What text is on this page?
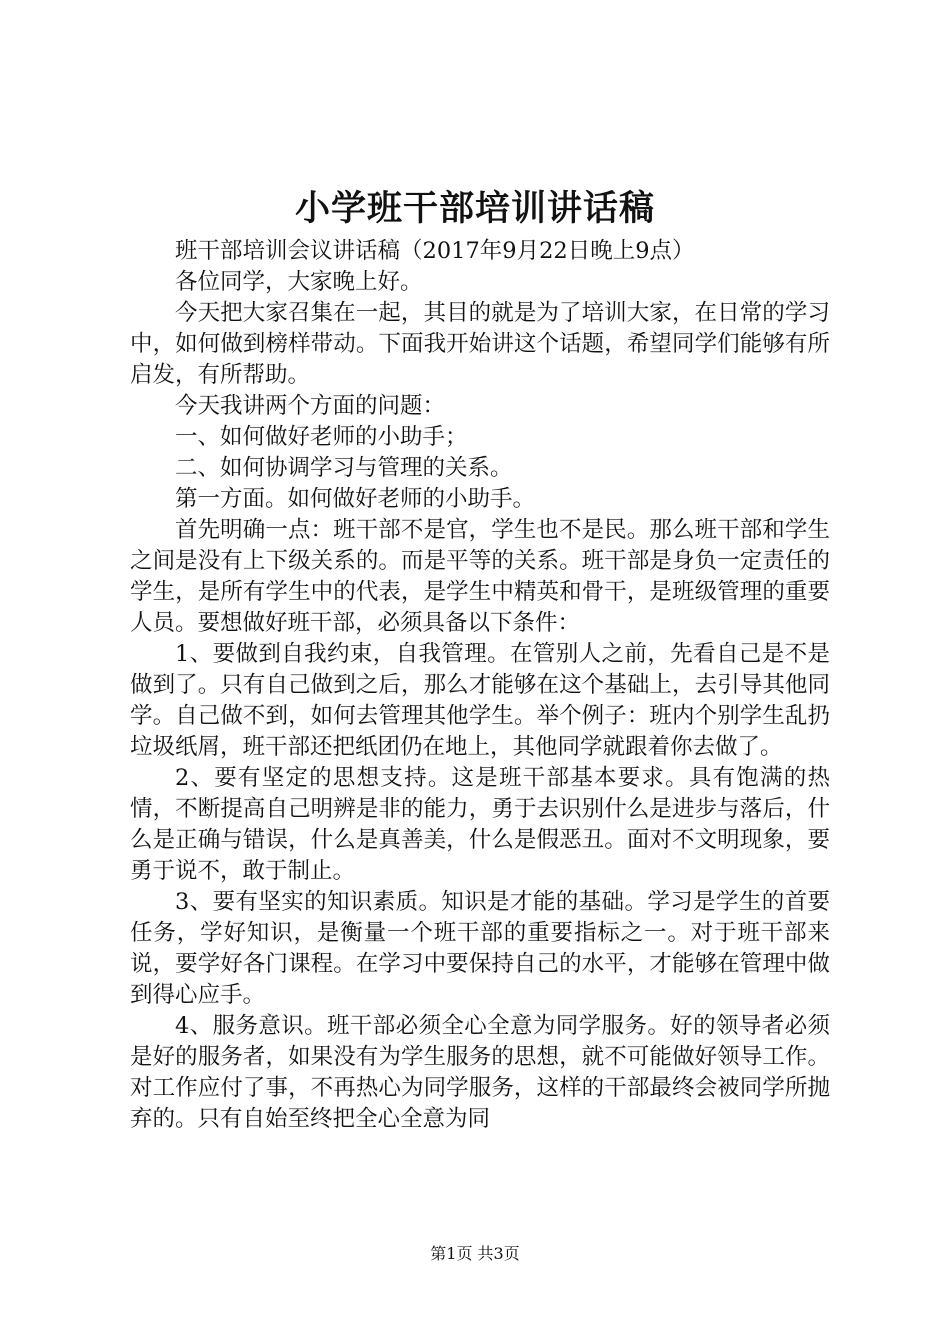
小学班干部培训讲话稿

班干部培训会议讲话稿（2017年9月22日晚上9点）

各位同学，大家晚上好。

今天把大家召集在一起，其目的就是为了培训大家，在日常的学习中，如何做到榜样带动。下面我开始讲这个话题，希望同学们能够有所启发，有所帮助。

今天我讲两个方面的问题：

一、如何做好老师的小助手；

二、如何协调学习与管理的关系。

第一方面。如何做好老师的小助手。

首先明确一点：班干部不是官，学生也不是民。那么班干部和学生之间是没有上下级关系的。而是平等的关系。班干部是身负一定责任的学生，是所有学生中的代表，是学生中精英和骨干，是班级管理的重要人员。要想做好班干部，必须具备以下条件：

1、要做到自我约束，自我管理。在管别人之前，先看自己是不是做到了。只有自己做到之后，那么才能够在这个基础上，去引导其他同学。自己做不到，如何去管理其他学生。举个例子：班内个别学生乱扔垃圾纸屑，班干部还把纸团仍在地上，其他同学就跟着你去做了。

2、要有坚定的思想支持。这是班干部基本要求。具有饱满的热情，不断提高自己明辨是非的能力，勇于去识别什么是进步与落后，什么是正确与错误，什么是真善美，什么是假恶丑。面对不文明现象，要勇于说不，敢于制止。

3、要有坚实的知识素质。知识是才能的基础。学习是学生的首要任务，学好知识，是衡量一个班干部的重要指标之一。对于班干部来说，要学好各门课程。在学习中要保持自己的水平，才能够在管理中做到得心应手。

4、服务意识。班干部必须全心全意为同学服务。好的领导者必须是好的服务者，如果没有为学生服务的思想，就不可能做好领导工作。对工作应付了事，不再热心为同学服务，这样的干部最终会被同学所抛弃的。只有自始至终把全心全意为同

第1页 共3页
